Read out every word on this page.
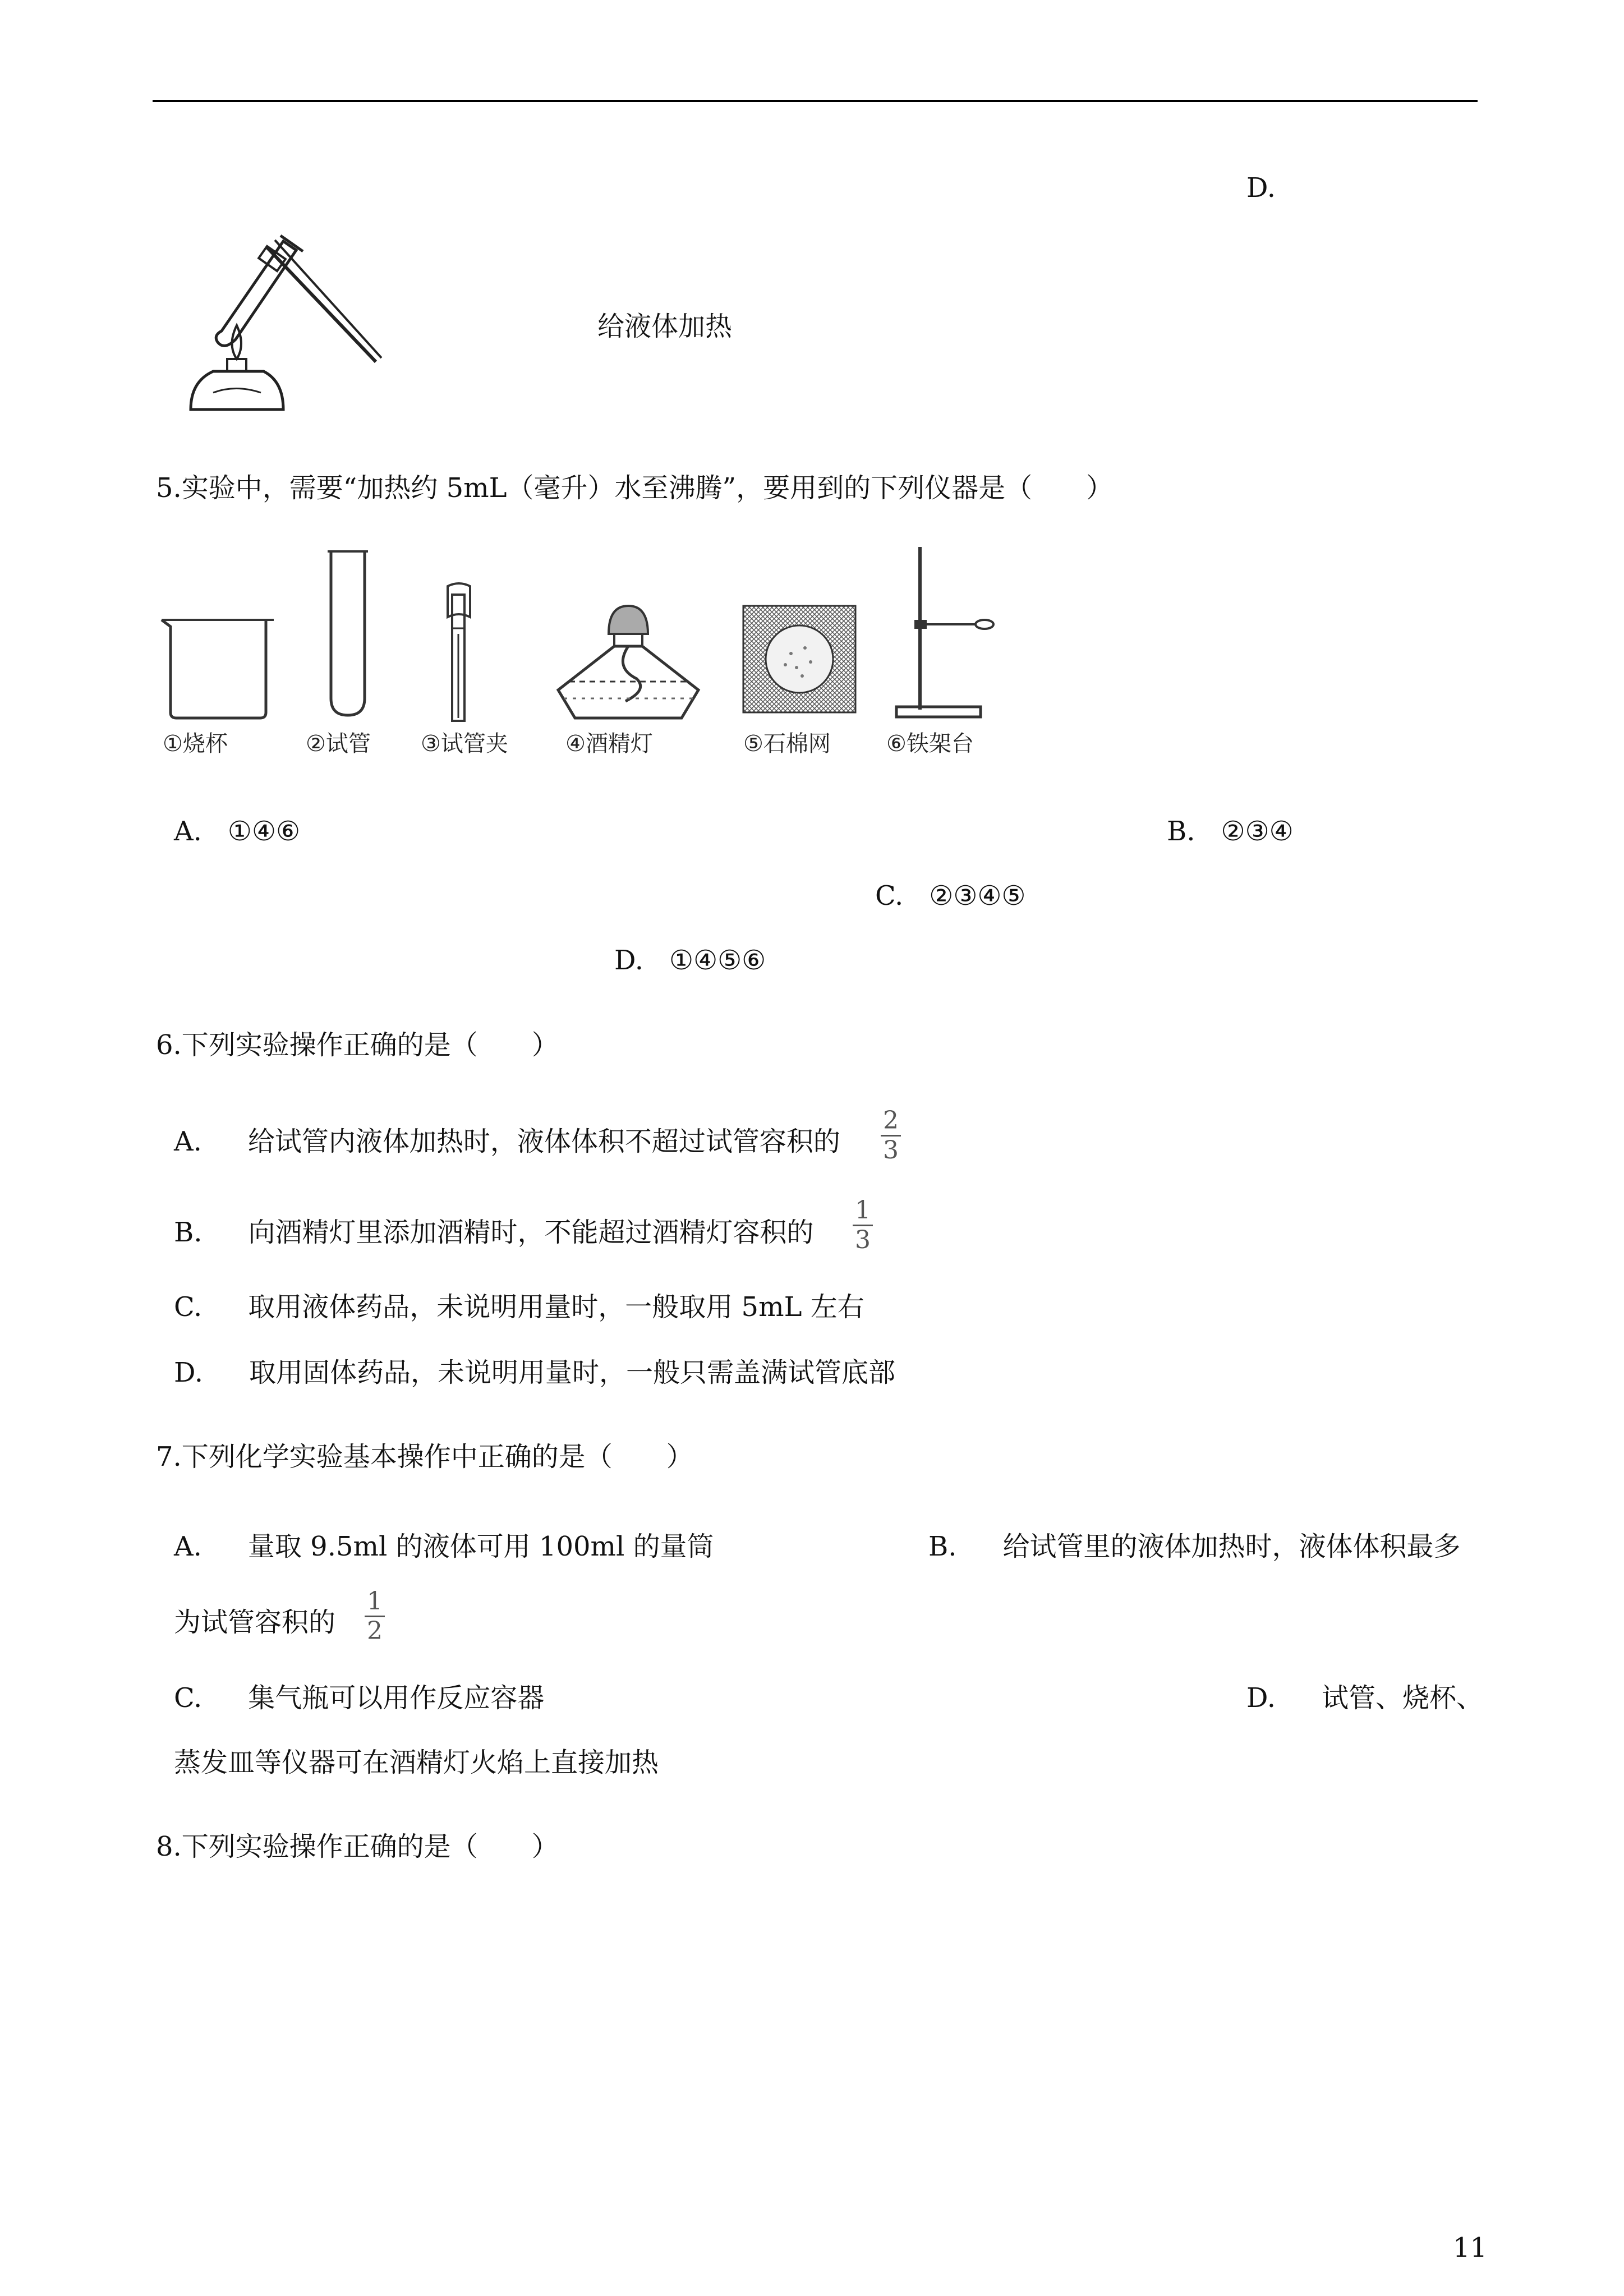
D.
给液体加热
5.实验中，需要“加热约 5mL（毫升）水至沸腾”，要用到的下列仪器是（　　）
①烧杯	②试管 ③试管夹	④酒精灯	⑤石棉网 ⑥铁架台
A. ①④⑥	B. ②③④
C. ②③④⑤
D. ①④⑤⑥
6.下列实验操作正确的是（　　）
A. 给试管内液体加热时，液体体积不超过试管容积的
2
3
B. 向酒精灯里添加酒精时，不能超过酒精灯容积的
1
3
C. 取用液体药品，未说明用量时，一般取用 5mL 左右
D. 取用固体药品，未说明用量时，一般只需盖满试管底部
7.下列化学实验基本操作中正确的是（　　）
A. 量取 9.5ml 的液体可用 100ml 的量筒	B. 给试管里的液体加热时，液体体积最多
为试管容积的
1
2
C. 集气瓶可以用作反应容器	D. 试管、烧杯、
蒸发皿等仪器可在酒精灯火焰上直接加热
8.下列实验操作正确的是（　　）
11
